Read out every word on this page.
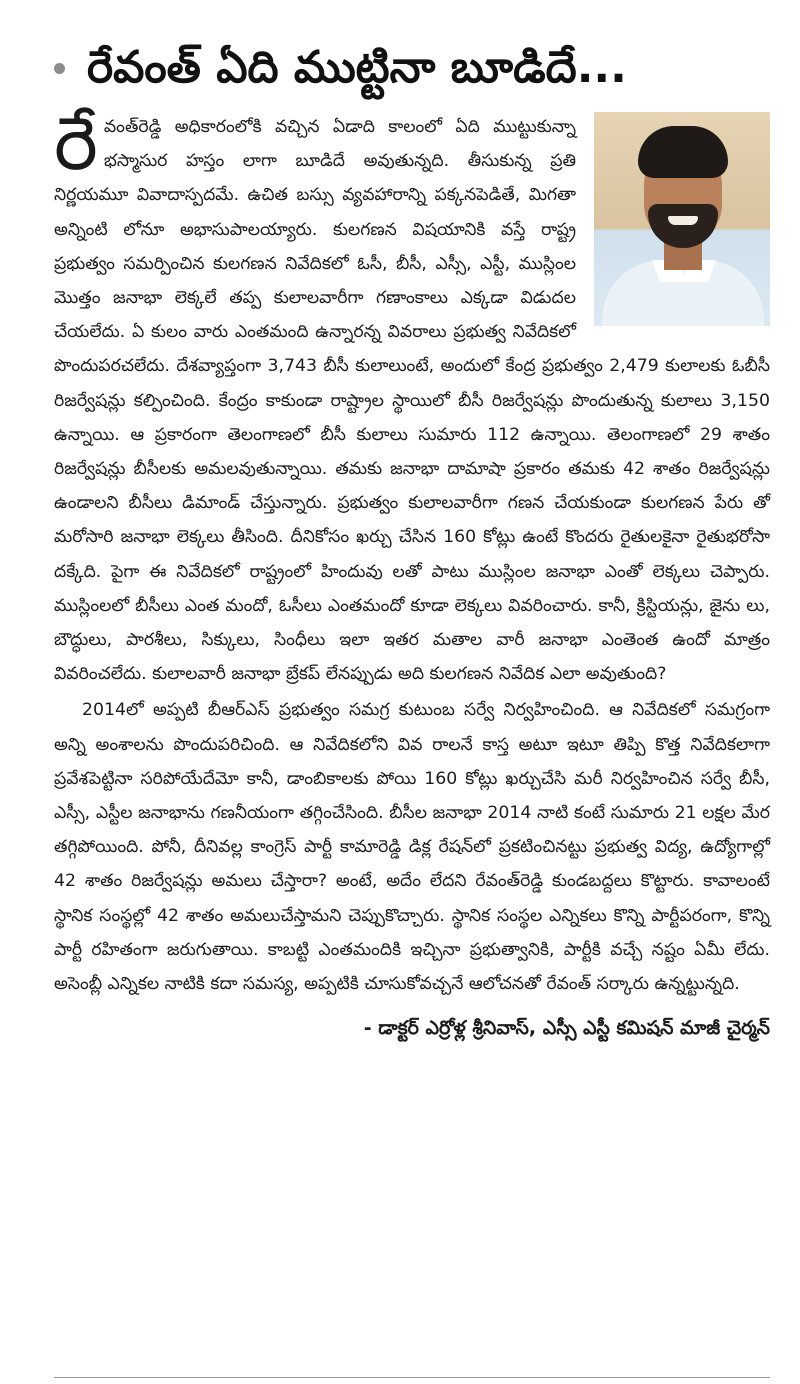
రేవంత్ ఏది ముట్టినా బూడిదే...

రేవంత్‌రెడ్డి అధికారంలోకి వచ్చిన ఏడాది కాలంలో ఏది ముట్టుకున్నా భస్మాసుర హస్తం లాగా బూడిదే అవుతున్నది. తీసుకున్న ప్రతి నిర్ణయమూ వివాదాస్పదమే. ఉచిత బస్సు వ్యవహారాన్ని పక్కనపెడితే, మిగతా అన్నింటి లోనూ అభాసుపాలయ్యారు. కులగణన విషయానికి వస్తే రాష్ట్ర ప్రభుత్వం సమర్పించిన కులగణన నివేదికలో ఓసీ, బీసీ, ఎస్సీ, ఎస్టీ, ముస్లింల మొత్తం జనాభా లెక్కలే తప్ప కులాలవారీగా గణాంకాలు ఎక్కడా విడుదల చేయలేదు. ఏ కులం వారు ఎంతమంది ఉన్నారన్న వివరాలు ప్రభుత్వ నివేదికలో పొందుపరచలేదు. దేశవ్యాప్తంగా 3,743 బీసీ కులాలుంటే, అందులో కేంద్ర ప్రభుత్వం 2,479 కులాలకు ఓబీసీ రిజర్వేషన్లు కల్పించింది. కేంద్రం కాకుండా రాష్ట్రాల స్థాయిలో బీసీ రిజర్వేషన్లు పొందుతున్న కులాలు 3,150 ఉన్నాయి. ఆ ప్రకారంగా తెలంగాణలో బీసీ కులాలు సుమారు 112 ఉన్నాయి. తెలంగాణలో 29 శాతం రిజర్వేషన్లు బీసీలకు అమలవుతున్నాయి. తమకు జనాభా దామాషా ప్రకారం తమకు 42 శాతం రిజర్వేషన్లు ఉండాలని బీసీలు డిమాండ్ చేస్తున్నారు. ప్రభుత్వం కులాలవారీగా గణన చేయకుండా కులగణన పేరు తో మరోసారి జనాభా లెక్కలు తీసింది. దీనికోసం ఖర్చు చేసిన 160 కోట్లు ఉంటే కొందరు రైతులకైనా రైతుభరోసా దక్కేది. పైగా ఈ నివేదికలో రాష్ట్రంలో హిందువు లతో పాటు ముస్లింల జనాభా ఎంతో లెక్కలు చెప్పారు. ముస్లింలలో బీసీలు ఎంత మందో, ఓసీలు ఎంతమందో కూడా లెక్కలు వివరించారు. కానీ, క్రిస్టియన్లు, జైను లు, బౌద్ధులు, పారశీలు, సిక్కులు, సింధీలు ఇలా ఇతర మతాల వారీ జనాభా ఎంతెంత ఉందో మాత్రం వివరించలేదు. కులాలవారీ జనాభా బ్రేకప్ లేనప్పుడు అది కులగణన నివేదిక ఎలా అవుతుంది?

2014లో అప్పటి బీఆర్ఎస్ ప్రభుత్వం సమగ్ర కుటుంబ సర్వే నిర్వహించింది. ఆ నివేదికలో సమగ్రంగా అన్ని అంశాలను పొందుపరిచింది. ఆ నివేదికలోని వివ రాలనే కాస్త అటూ ఇటూ తిప్పి కొత్త నివేదికలాగా ప్రవేశపెట్టినా సరిపోయేదేమో కానీ, డాంబికాలకు పోయి 160 కోట్లు ఖర్చుచేసి మరీ నిర్వహించిన సర్వే బీసీ, ఎస్సీ, ఎస్టీల జనాభాను గణనీయంగా తగ్గించేసింది. బీసీల జనాభా 2014 నాటి కంటే సుమారు 21 లక్షల మేర తగ్గిపోయింది. పోనీ, దీనివల్ల కాంగ్రెస్ పార్టీ కామారెడ్డి డిక్ల రేషన్‌లో ప్రకటించినట్టు ప్రభుత్వ విద్య, ఉద్యోగాల్లో 42 శాతం రిజర్వేషన్లు అమలు చేస్తారా? అంటే, అదేం లేదని రేవంత్‌రెడ్డి కుండబద్దలు కొట్టారు. కావాలంటే స్థానిక సంస్థల్లో 42 శాతం అమలుచేస్తామని చెప్పుకొచ్చారు. స్థానిక సంస్థల ఎన్నికలు కొన్ని పార్టీపరంగా, కొన్ని పార్టీ రహితంగా జరుగుతాయి. కాబట్టి ఎంతమందికి ఇచ్చినా ప్రభుత్వానికి, పార్టీకి వచ్చే నష్టం ఏమీ లేదు. అసెంబ్లీ ఎన్నికల నాటికి కదా సమస్య, అప్పటికి చూసుకోవచ్చనే ఆలోచనతో రేవంత్ సర్కారు ఉన్నట్టున్నది.

- డాక్టర్ ఎర్రోళ్ల శ్రీనివాస్, ఎస్సీ ఎస్టీ కమిషన్ మాజీ చైర్మన్
